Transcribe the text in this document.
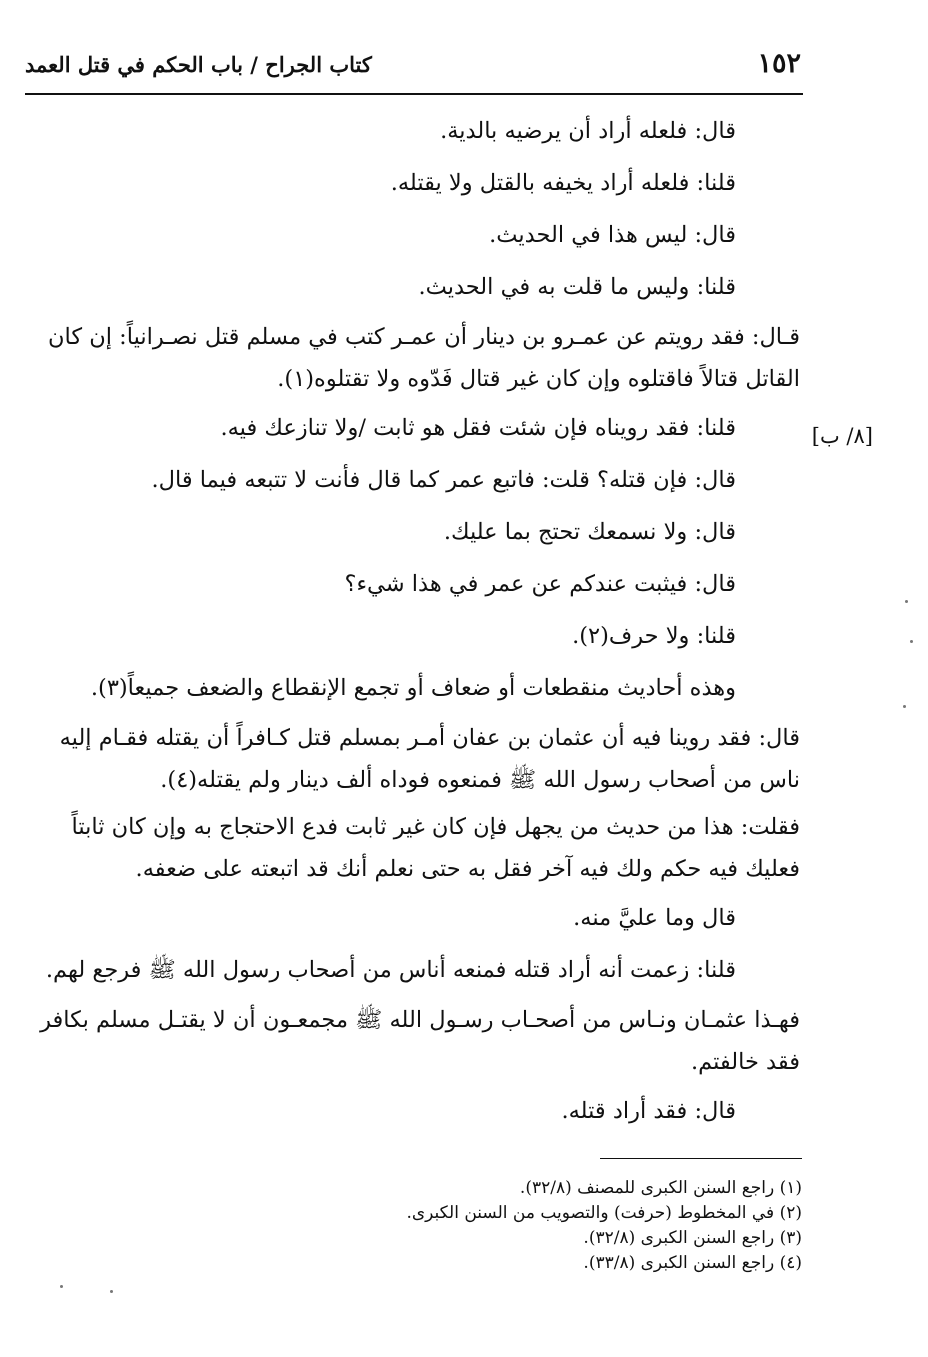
كتاب الجراح / باب الحكم في قتل العمد	١٥٢
[٨/ ب]

قال: فلعله أراد أن يرضيه بالدية.

قلنا: فلعله أراد يخيفه بالقتل ولا يقتله.

قال: ليس هذا في الحديث.

قلنا: وليس ما قلت به في الحديث.

قـال: فقد رويتم عن عمـرو بن دينار أن عمـر كتب في مسلم قتل نصـرانياً: إن كان القاتل قتالاً فاقتلوه وإن كان غير قتال فَدّوه ولا تقتلوه(١).

قلنا: فقد رويناه فإن شئت فقل هو ثابت /ولا تنازعك فيه.

قال: فإن قتله؟ قلت: فاتبع عمر كما قال فأنت لا تتبعه فيما قال.

قال: ولا نسمعك تحتج بما عليك.

قال: فيثبت عندكم عن عمر في هذا شيء؟

قلنا: ولا حرف(٢).

وهذه أحاديث منقطعات أو ضعاف أو تجمع الإنقطاع والضعف جميعاً(٣).

قال: فقد روينا فيه أن عثمان بن عفان أمـر بمسلم قتل كـافراً أن يقتله فقـام إليه ناس من أصحاب رسول الله ﷺ فمنعوه فوداه ألف دينار ولم يقتله(٤).

فقلت: هذا من حديث من يجهل فإن كان غير ثابت فدع الاحتجاج به وإن كان ثابتاً فعليك فيه حكم ولك فيه آخر فقل به حتى نعلم أنك قد اتبعته على ضعفه.

قال وما عليَّ منه.

قلنا: زعمت أنه أراد قتله فمنعه أناس من أصحاب رسول الله ﷺ فرجع لهم.

فهـذا عثمـان ونـاس من أصحـاب رسـول الله ﷺ مجمعـون أن لا يقتـل مسلم بكافر فقد خالفتم.

قال: فقد أراد قتله.

(١) راجع السنن الكبرى للمصنف (٣٢/٨).
(٢) في المخطوط (حرفت) والتصويب من السنن الكبرى.
(٣) راجع السنن الكبرى (٣٢/٨).
(٤) راجع السنن الكبرى (٣٣/٨).
